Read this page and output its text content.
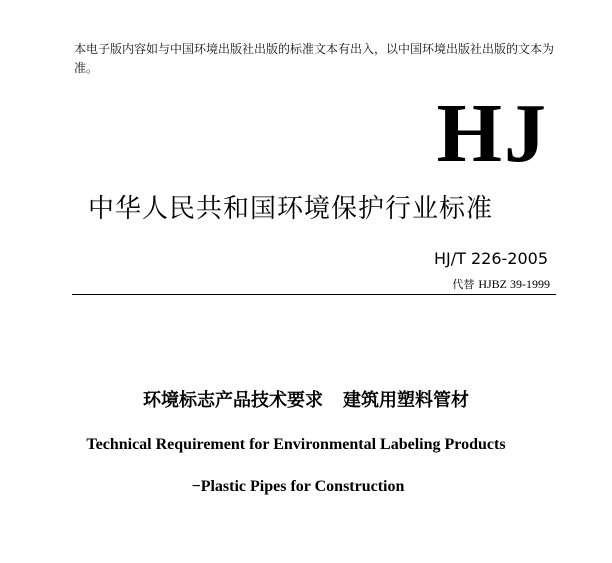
本电子版内容如与中国环境出版社出版的标准文本有出入，以中国环境出版社出版的文本为准。
HJ
中华人民共和国环境保护行业标准
HJ/T 226-2005
代替 HJBZ 39-1999
环境标志产品技术要求 建筑用塑料管材
Technical Requirement for Environmental Labeling Products
−Plastic Pipes for Construction
